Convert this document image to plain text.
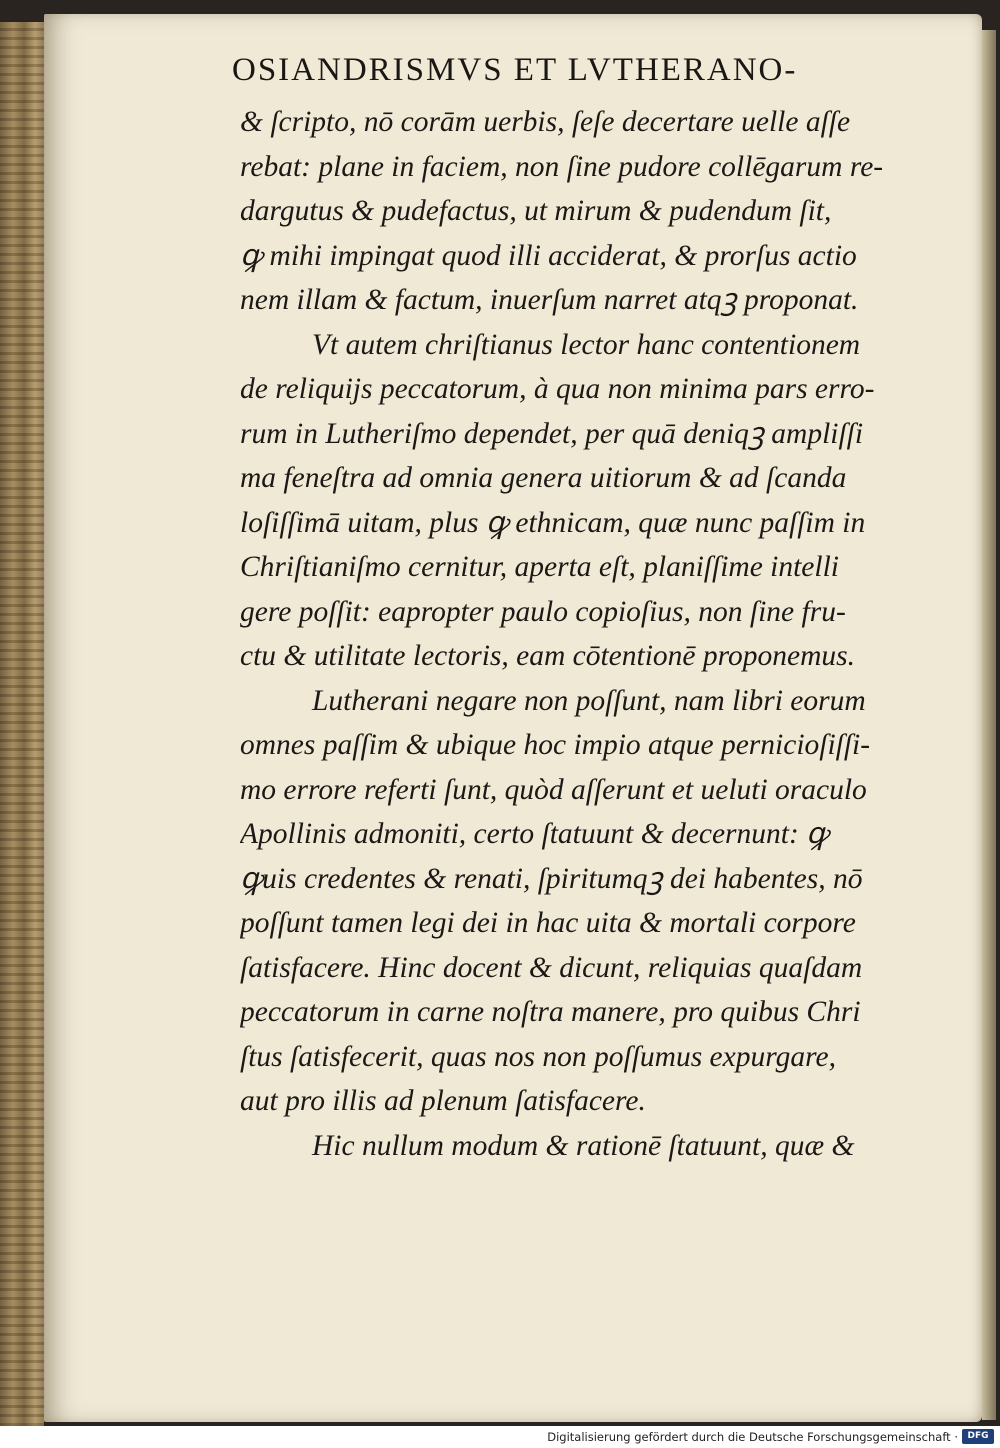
OSIANDRISMVS ET LVTHERANO-
& ſcripto, nō corām uerbis, ſeſe decertare uelle aſſe
rebat: plane in faciem, non ſine pudore collēgarum re-
dargutus & pudefactus, ut mirum & pudendum ſit,
ꝙ mihi impingat quod illi acciderat, & prorſus actio
nem illam & factum, inuerſum narret atqꝫ proponat.
Vt autem chriſtianus lector hanc contentionem
de reliquijs peccatorum, à qua non minima pars erro-
rum in Lutheriſmo dependet, per quā deniqꝫ ampliſſi
ma feneſtra ad omnia genera uitiorum & ad ſcanda
loſiſſimā uitam, plus ꝙ ethnicam, quæ nunc paſſim in
Chriſtianiſmo cernitur, aperta eſt, planiſſime intelli
gere poſſit: eapropter paulo copioſius, non ſine fru-
ctu & utilitate lectoris, eam cōtentionē proponemus.
Lutherani negare non poſſunt, nam libri eorum
omnes paſſim & ubique hoc impio atque pernicioſiſſi-
mo errore referti ſunt, quòd aſſerunt et ueluti oraculo
Apollinis admoniti, certo ſtatuunt & decernunt: ꝙ
ꝙuis credentes & renati, ſpiritumqꝫ dei habentes, nō
poſſunt tamen legi dei in hac uita & mortali corpore
ſatisfacere. Hinc docent & dicunt, reliquias quaſdam
peccatorum in carne noſtra manere, pro quibus Chri
ſtus ſatisfecerit, quas nos non poſſumus expurgare,
aut pro illis ad plenum ſatisfacere.
Hic nullum modum & rationē ſtatuunt, quæ &
Digitalisierung gefördert durch die Deutsche Forschungsgemeinschaft ·	DFG
